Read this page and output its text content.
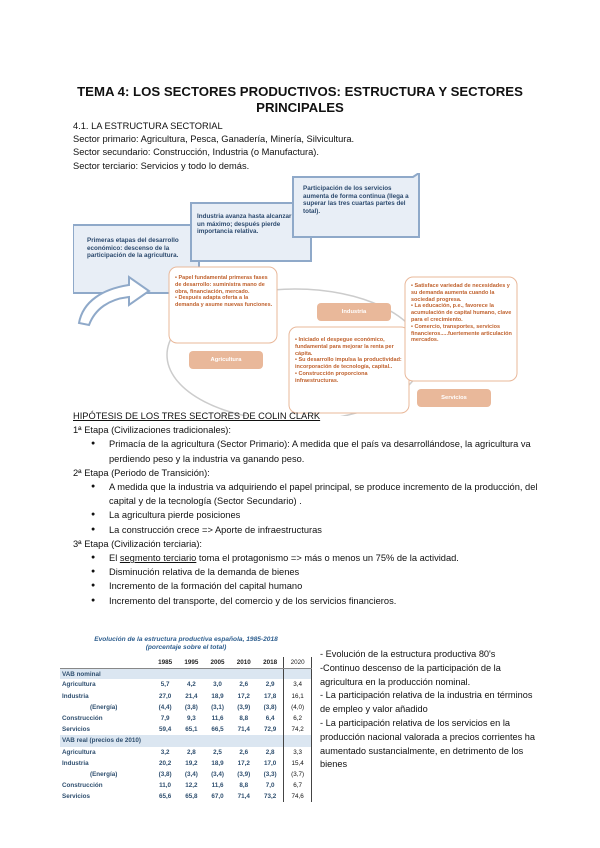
TEMA 4: LOS SECTORES PRODUCTIVOS: ESTRUCTURA Y SECTORES PRINCIPALES
4.1. LA ESTRUCTURA SECTORIAL
Sector primario: Agricultura, Pesca, Ganadería, Minería, Silvicultura.
Sector secundario: Construcción, Industria (o Manufactura).
Sector terciario: Servicios y todo lo demás.
Primeras etapas del desarrollo económico: descenso de la participación de la agricultura.
Industria avanza hasta alcanzar un máximo; después pierde importancia relativa.
Participación de los servicios aumenta de forma continua (llega a superar las tres cuartas partes del total).
• Papel fundamental primeras fases de desarrollo: suministra mano de obra, financiación, mercado.
• Después adapta oferta a la demanda y asume nuevas funciones.
Agricultura
Industria
• Iniciado el despegue económico, fundamental para mejorar la renta per cápita.
• Su desarrollo impulsa la productividad: incorporación de tecnología, capital..
• Construcción proporciona infraestructuras.
• Satisface variedad de necesidades y su demanda aumenta cuando la sociedad progresa.
• La educación, p.e., favorece la acumulación de capital humano, clave para el crecimiento.
• Comercio, transportes, servicios financieros.....fuertemente articulación mercados.
Servicios
HIPÓTESIS DE LOS TRES SECTORES DE COLIN CLARK
1ª Etapa (Civilizaciones tradicionales):
● Primacía de la agricultura (Sector Primario): A medida que el país va desarrollándose, la agricultura va perdiendo peso y la industria va ganando peso.
2ª Etapa (Periodo de Transición):
● A medida que la industria va adquiriendo el papel principal, se produce incremento de la producción, del capital y de la tecnología (Sector Secundario) .
● La agricultura pierde posiciones
● La construcción crece => Aporte de infraestructuras
3ª Etapa (Civilización terciaria):
● El segmento terciario toma el protagonismo => más o menos un 75% de la actividad.
● Disminución relativa de la demanda de bienes
● Incremento de la formación del capital humano
● Incremento del transporte, del comercio y de los servicios financieros.
Evolución de la estructura productiva española, 1985-2018
(porcentaje sobre el total)
	1985	1995	2005	2010	2018	2020
VAB nominal						
Agricultura	5,7	4,2	3,0	2,6	2,9	3,4
Industria	27,0	21,4	18,9	17,2	17,8	16,1
(Energía)	(4,4)	(3,8)	(3,1)	(3,9)	(3,8)	(4,0)
Construcción	7,9	9,3	11,6	8,8	6,4	6,2
Servicios	59,4	65,1	66,5	71,4	72,9	74,2
VAB real (precios de 2010)						
Agricultura	3,2	2,8	2,5	2,6	2,8	3,3
Industria	20,2	19,2	18,9	17,2	17,0	15,4
(Energía)	(3,8)	(3,4)	(3,4)	(3,9)	(3,3)	(3,7)
Construcción	11,0	12,2	11,6	8,8	7,0	6,7
Servicios	65,6	65,8	67,0	71,4	73,2	74,6
- Evolución de la estructura productiva 80's
-Continuo descenso de la participación de la agricultura en la producción nominal.
- La participación relativa de la industria en términos de empleo y valor añadido
- La participación relativa de los servicios en la producción nacional valorada a precios corrientes ha aumentado sustancialmente, en detrimento de los bienes
